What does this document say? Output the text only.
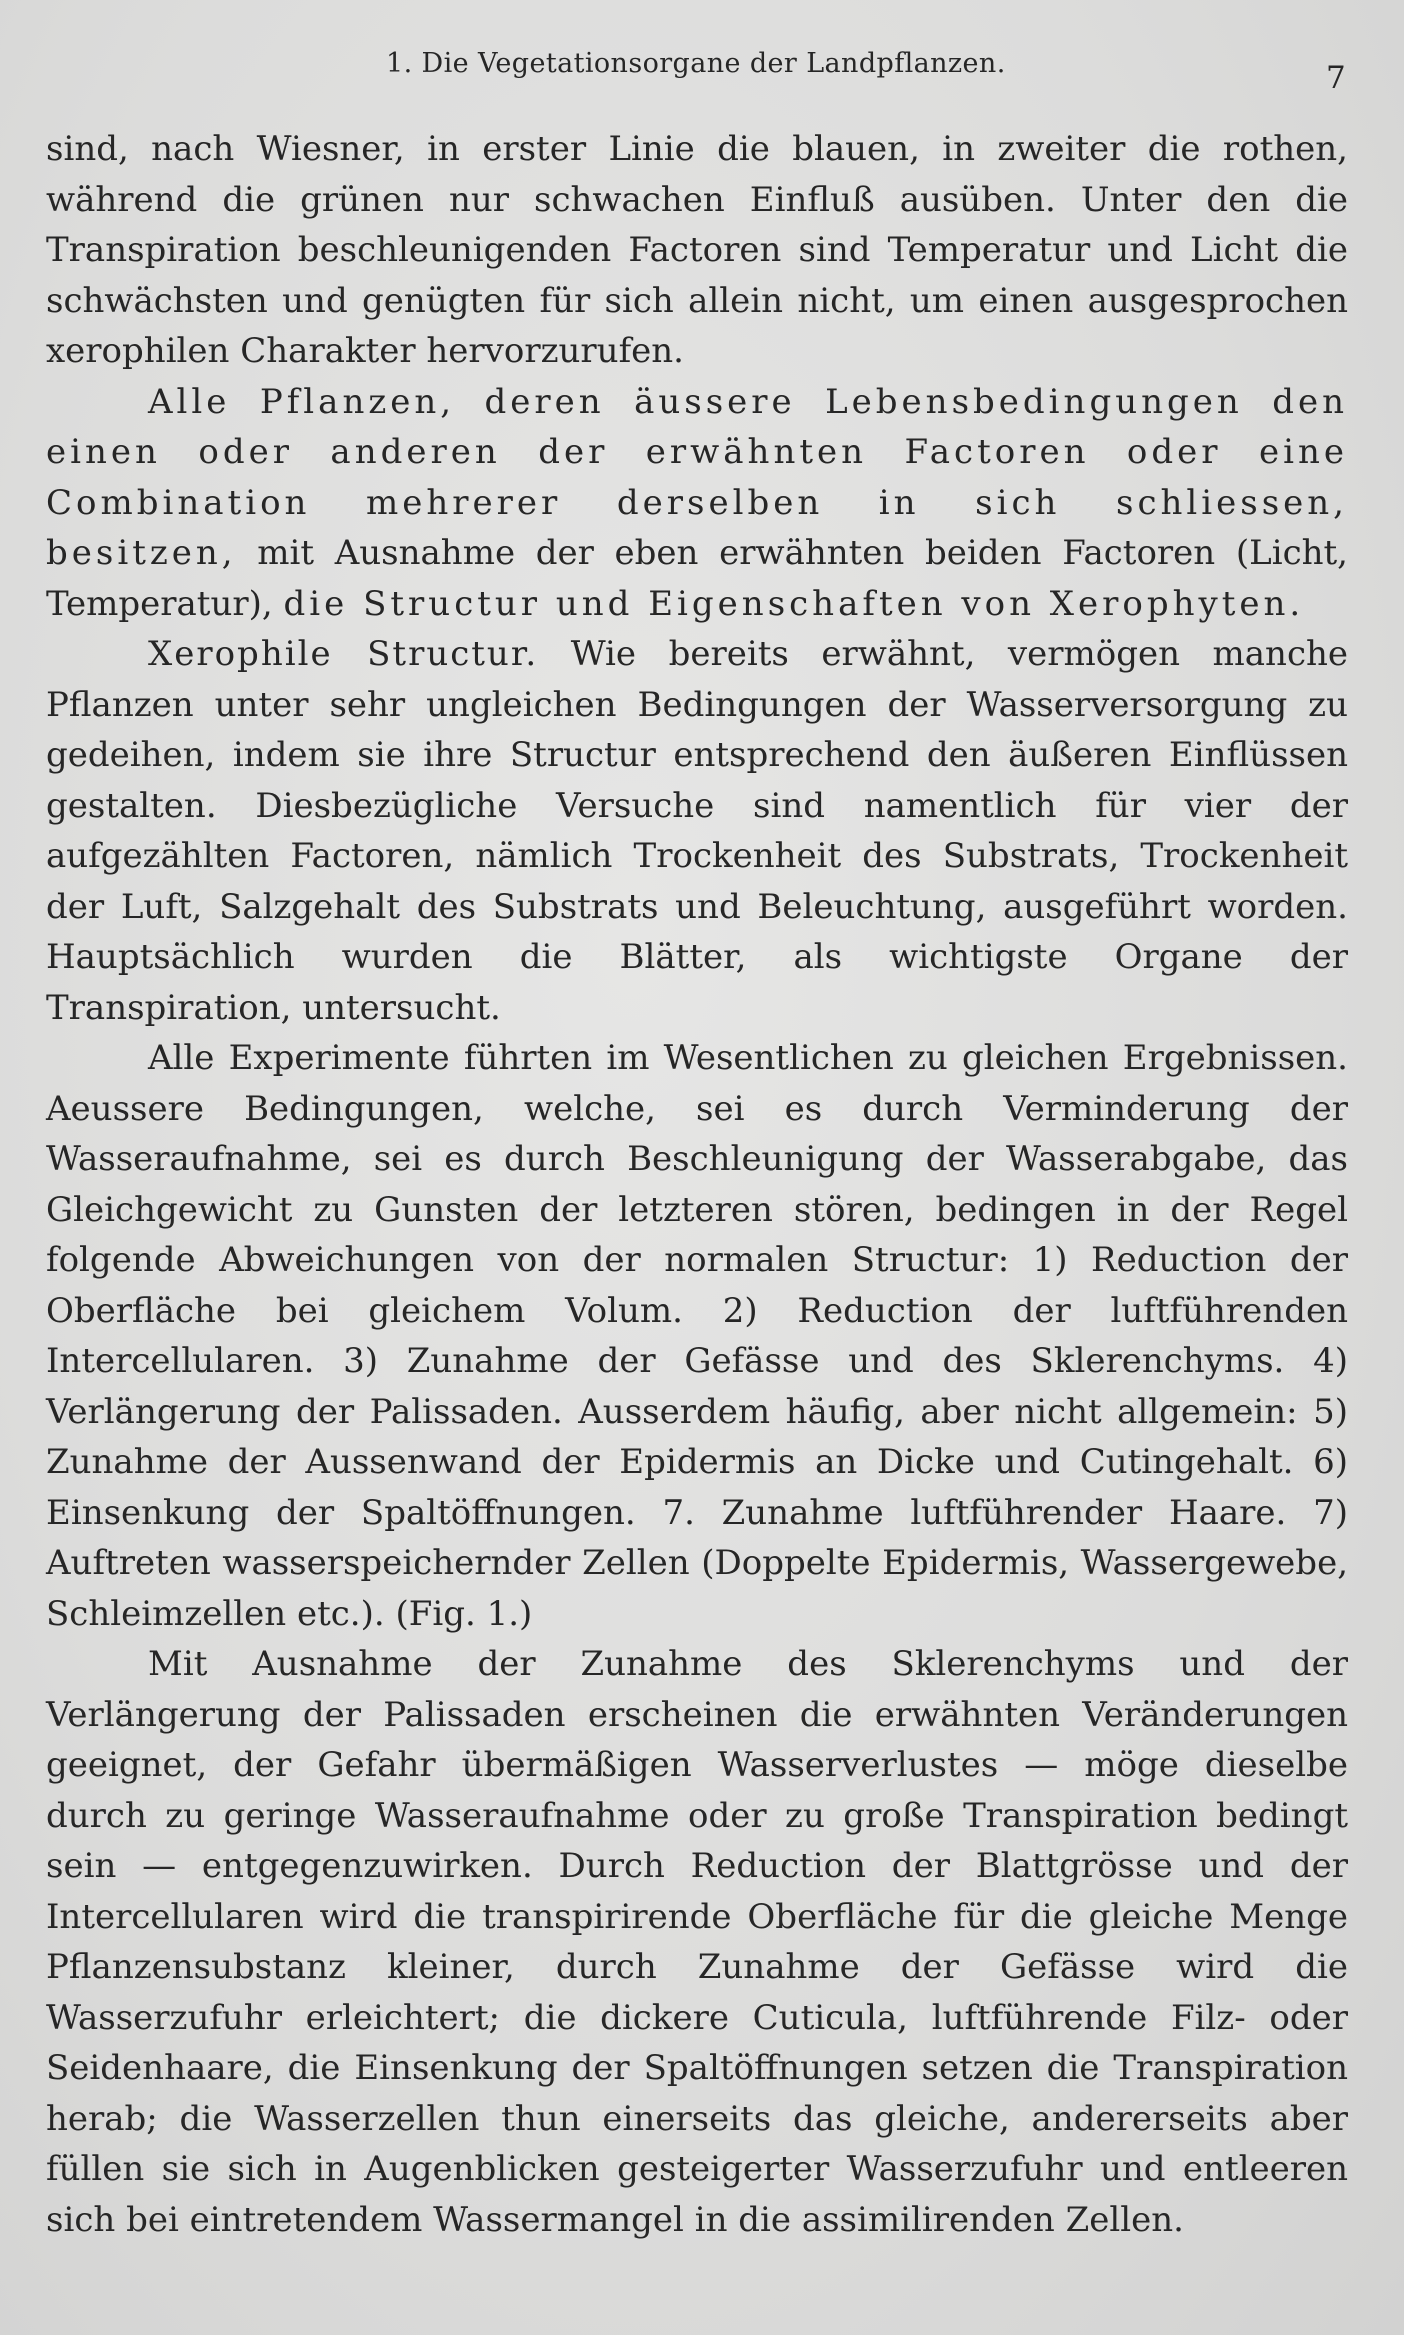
1. Die Vegetationsorgane der Landpflanzen.	7

sind, nach Wiesner, in erster Linie die blauen, in zweiter die rothen, während die grünen nur schwachen Einfluß ausüben. Unter den die Transpiration beschleunigenden Factoren sind Temperatur und Licht die schwächsten und genügten für sich allein nicht, um einen ausgesprochen xerophilen Charakter hervorzurufen.

Alle Pflanzen, deren äussere Lebensbedingungen den einen oder anderen der erwähnten Factoren oder eine Combination mehrerer derselben in sich schliessen, besitzen, mit Ausnahme der eben erwähnten beiden Factoren (Licht, Temperatur), die Structur und Eigenschaften von Xerophyten.

Xerophile Structur. Wie bereits erwähnt, vermögen manche Pflanzen unter sehr ungleichen Bedingungen der Wasserversorgung zu gedeihen, indem sie ihre Structur entsprechend den äußeren Einflüssen gestalten. Diesbezügliche Versuche sind namentlich für vier der aufgezählten Factoren, nämlich Trockenheit des Substrats, Trockenheit der Luft, Salzgehalt des Substrats und Beleuchtung, ausgeführt worden. Hauptsächlich wurden die Blätter, als wichtigste Organe der Transpiration, untersucht.

Alle Experimente führten im Wesentlichen zu gleichen Ergebnissen. Aeussere Bedingungen, welche, sei es durch Verminderung der Wasseraufnahme, sei es durch Beschleunigung der Wasserabgabe, das Gleichgewicht zu Gunsten der letzteren stören, bedingen in der Regel folgende Abweichungen von der normalen Structur: 1) Reduction der Oberfläche bei gleichem Volum. 2) Reduction der luftführenden Intercellularen. 3) Zunahme der Gefässe und des Sklerenchyms. 4) Verlängerung der Palissaden. Ausserdem häufig, aber nicht allgemein: 5) Zunahme der Aussenwand der Epidermis an Dicke und Cutingehalt. 6) Einsenkung der Spaltöffnungen. 7. Zunahme luftführender Haare. 7) Auftreten wasserspeichernder Zellen (Doppelte Epidermis, Wassergewebe, Schleimzellen etc.). (Fig. 1.)

Mit Ausnahme der Zunahme des Sklerenchyms und der Verlängerung der Palissaden erscheinen die erwähnten Veränderungen geeignet, der Gefahr übermäßigen Wasserverlustes — möge dieselbe durch zu geringe Wasseraufnahme oder zu große Transpiration bedingt sein — entgegenzuwirken. Durch Reduction der Blattgrösse und der Intercellularen wird die transpirirende Oberfläche für die gleiche Menge Pflanzensubstanz kleiner, durch Zunahme der Gefässe wird die Wasserzufuhr erleichtert; die dickere Cuticula, luftführende Filz- oder Seidenhaare, die Einsenkung der Spaltöffnungen setzen die Transpiration herab; die Wasserzellen thun einerseits das gleiche, andererseits aber füllen sie sich in Augenblicken gesteigerter Wasserzufuhr und entleeren sich bei eintretendem Wassermangel in die assimilirenden Zellen.
